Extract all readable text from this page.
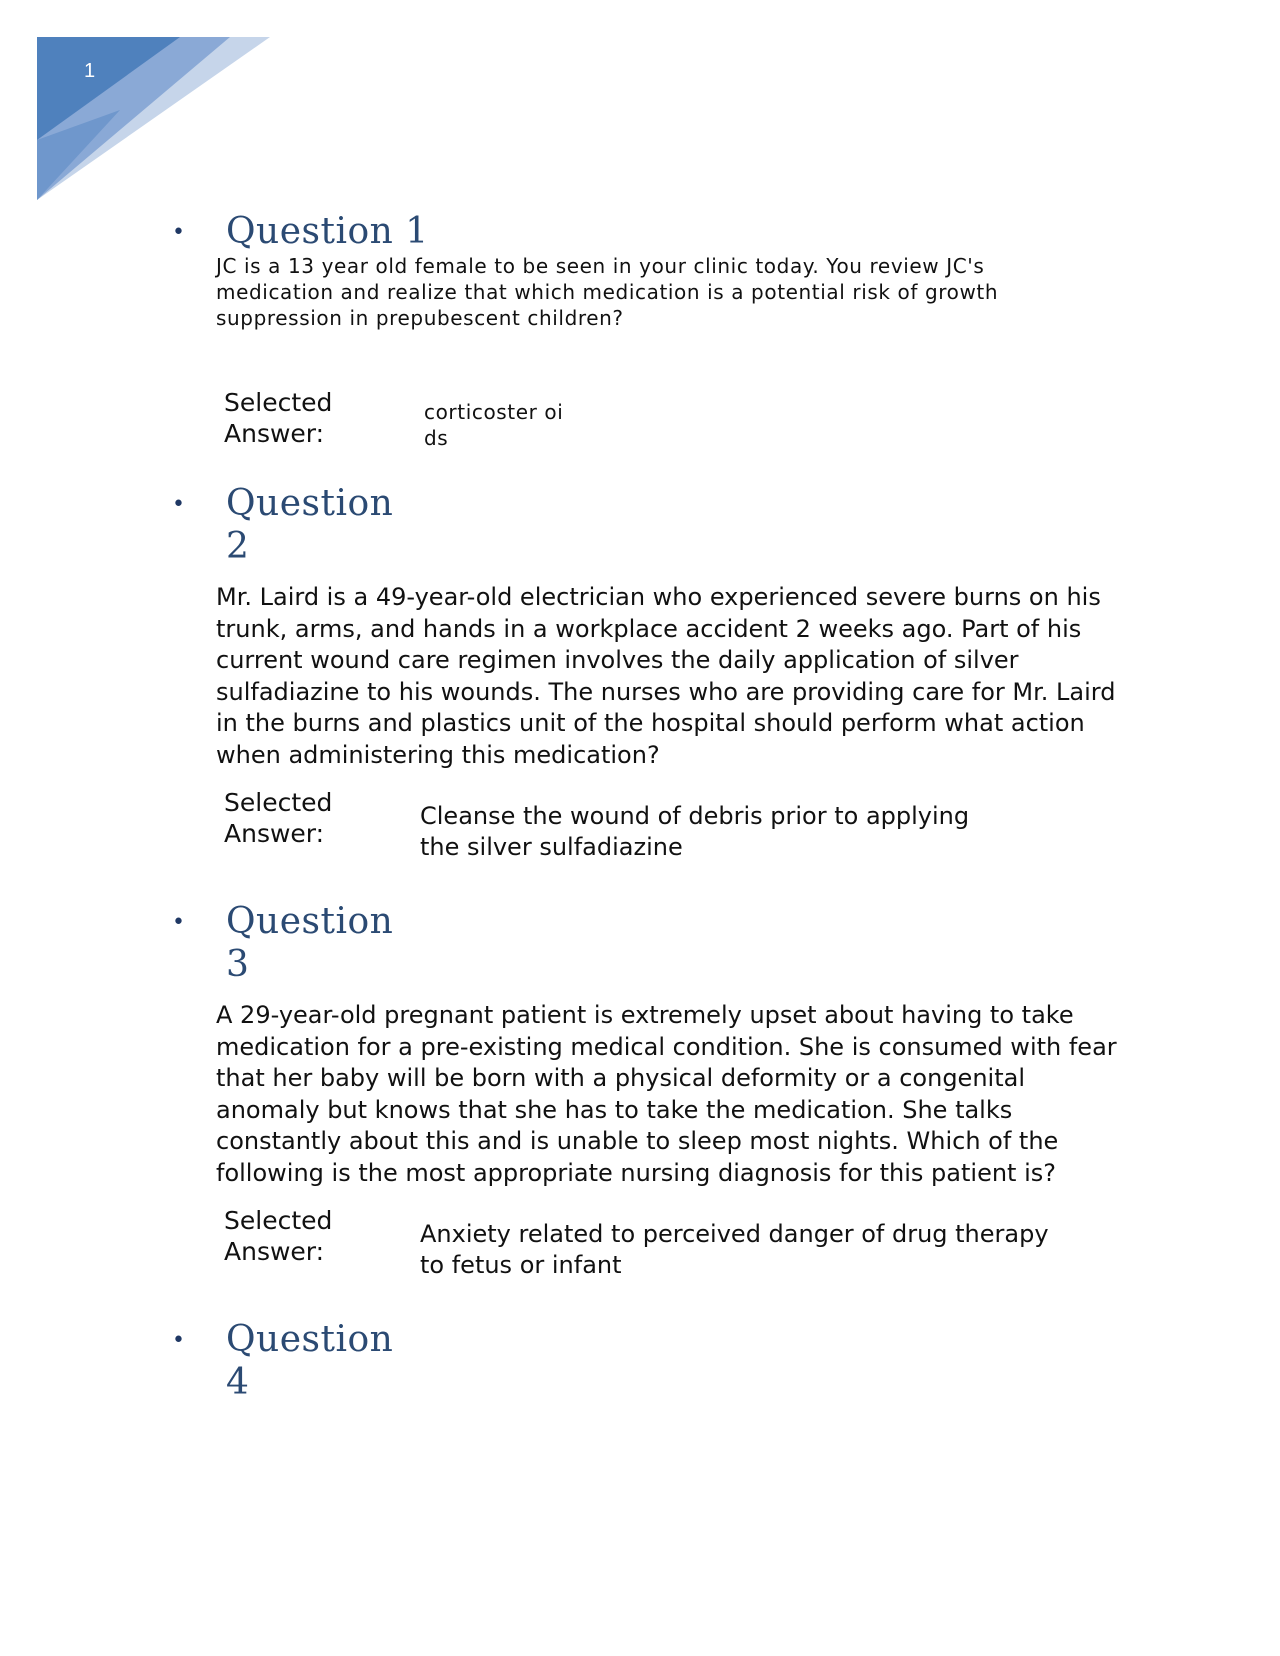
1
• Question 1
JC is a 13 year old female to be seen in your clinic today. You review JC's medication and realize that which medication is a potential risk of growth suppression in prepubescent children?
Selected Answer:
corticoster oi ds
• Question 2
Mr. Laird is a 49-year-old electrician who experienced severe burns on his trunk, arms, and hands in a workplace accident 2 weeks ago. Part of his current wound care regimen involves the daily application of silver sulfadiazine to his wounds. The nurses who are providing care for Mr. Laird in the burns and plastics unit of the hospital should perform what action when administering this medication?
Selected Answer:
Cleanse the wound of debris prior to applying the silver sulfadiazine
• Question 3
A 29-year-old pregnant patient is extremely upset about having to take medication for a pre-existing medical condition. She is consumed with fear that her baby will be born with a physical deformity or a congenital anomaly but knows that she has to take the medication. She talks constantly about this and is unable to sleep most nights. Which of the following is the most appropriate nursing diagnosis for this patient is?
Selected Answer:
Anxiety related to perceived danger of drug therapy to fetus or infant
• Question 4
